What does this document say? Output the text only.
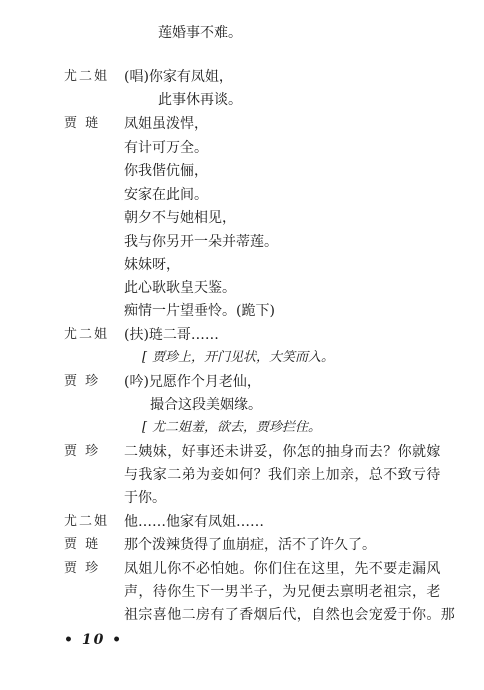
莲婚事不难。
尤二姐 (唱)你家有凤姐，
此事休再谈。
贾 琏 凤姐虽泼悍，
有计可万全。
你我偕伉俪，
安家在此间。
朝夕不与她相见，
我与你另开一朵并蒂莲。
妹妹呀，
此心耿耿皇天鉴。
痴情一片望垂怜。(跪下)
尤二姐 (扶)琏二哥……
[ 贾珍上，开门见状，大笑而入。
贾 珍 (吟)兄愿作个月老仙，
撮合这段美姻缘。
[ 尤二姐羞，欲去，贾珍拦住。
贾 珍 二姨妹，好事还未讲妥，你怎的抽身而去？你就嫁
与我家二弟为妾如何？我们亲上加亲，总不致亏待
于你。
尤二姐 他……他家有凤姐……
贾 琏 那个泼辣货得了血崩症，活不了许久了。
贾 珍 凤姐儿你不必怕她。你们住在这里，先不要走漏风
声，待你生下一男半子，为兄便去禀明老祖宗，老
祖宗喜他二房有了香烟后代，自然也会宠爱于你。那
• 10 •
